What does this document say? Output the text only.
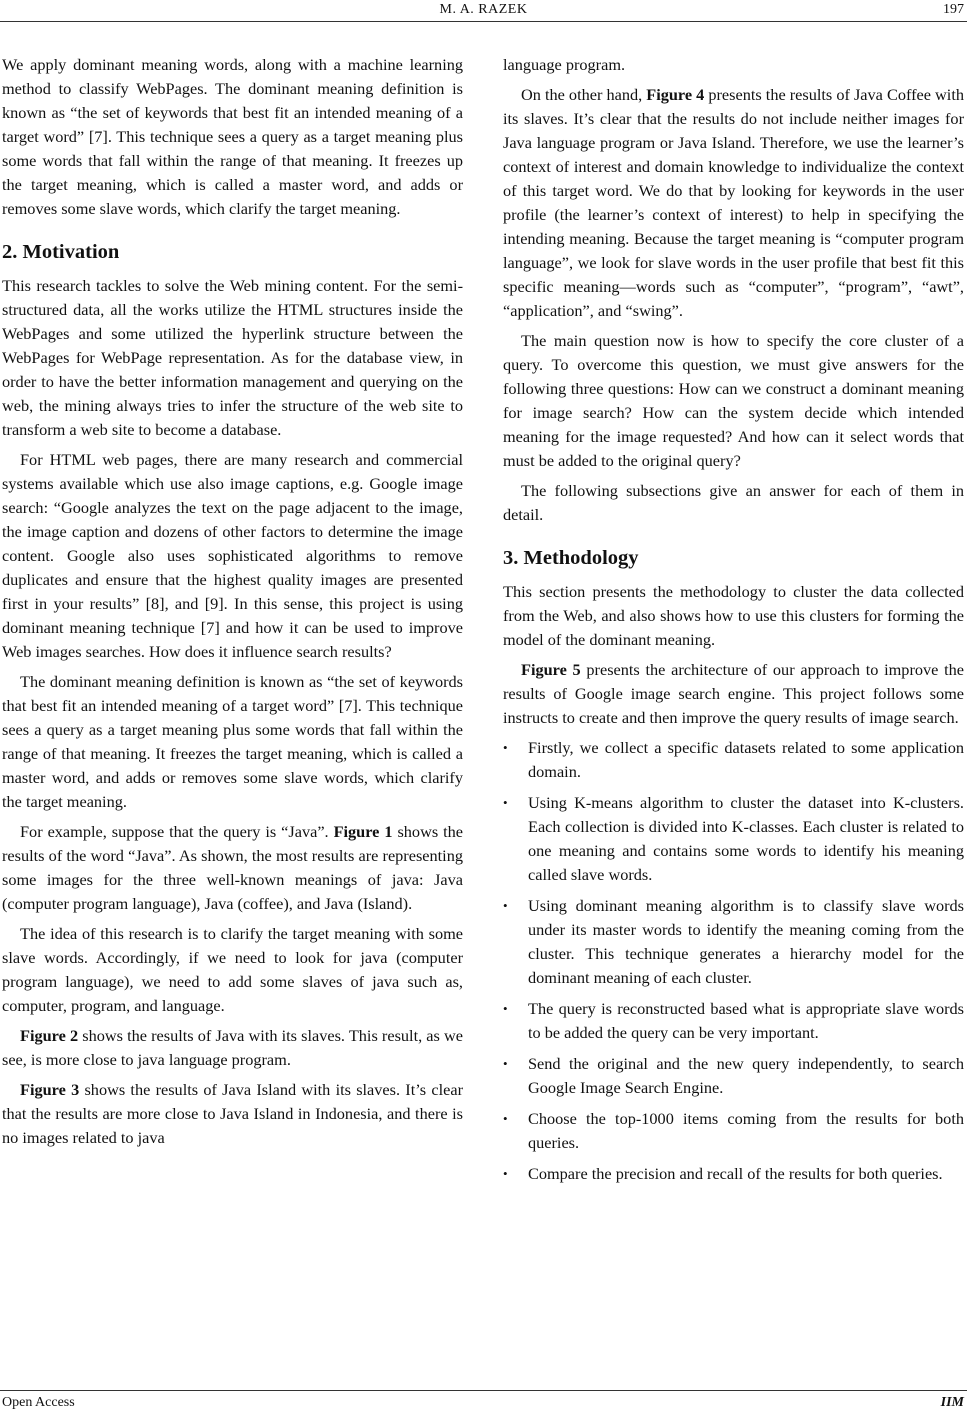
M. A. RAZEK	197

We apply dominant meaning words, along with a machine learning method to classify WebPages. The dominant meaning definition is known as “the set of keywords that best fit an intended meaning of a target word” [7]. This technique sees a query as a target meaning plus some words that fall within the range of that meaning. It freezes up the target meaning, which is called a master word, and adds or removes some slave words, which clarify the target meaning.

2. Motivation

This research tackles to solve the Web mining content. For the semi-structured data, all the works utilize the HTML structures inside the WebPages and some utilized the hyperlink structure between the WebPages for WebPage representation. As for the database view, in order to have the better information management and querying on the web, the mining always tries to infer the structure of the web site to transform a web site to become a database.

For HTML web pages, there are many research and commercial systems available which use also image captions, e.g. Google image search: “Google analyzes the text on the page adjacent to the image, the image caption and dozens of other factors to determine the image content. Google also uses sophisticated algorithms to remove duplicates and ensure that the highest quality images are presented first in your results” [8], and [9]. In this sense, this project is using dominant meaning technique [7] and how it can be used to improve Web images searches. How does it influence search results?

The dominant meaning definition is known as “the set of keywords that best fit an intended meaning of a target word” [7]. This technique sees a query as a target meaning plus some words that fall within the range of that meaning. It freezes the target meaning, which is called a master word, and adds or removes some slave words, which clarify the target meaning.

For example, suppose that the query is “Java”. Figure 1 shows the results of the word “Java”. As shown, the most results are representing some images for the three well-known meanings of java: Java (computer program language), Java (coffee), and Java (Island).

The idea of this research is to clarify the target meaning with some slave words. Accordingly, if we need to look for java (computer program language), we need to add some slaves of java such as, computer, program, and language.

Figure 2 shows the results of Java with its slaves. This result, as we see, is more close to java language program.

Figure 3 shows the results of Java Island with its slaves. It’s clear that the results are more close to Java Island in Indonesia, and there is no images related to java

language program.

On the other hand, Figure 4 presents the results of Java Coffee with its slaves. It’s clear that the results do not include neither images for Java language program or Java Island. Therefore, we use the learner’s context of interest and domain knowledge to individualize the context of this target word. We do that by looking for keywords in the user profile (the learner’s context of interest) to help in specifying the intending meaning. Because the target meaning is “computer program language”, we look for slave words in the user profile that best fit this specific meaning—words such as “computer”, “program”, “awt”, “application”, and “swing”.

The main question now is how to specify the core cluster of a query. To overcome this question, we must give answers for the following three questions: How can we construct a dominant meaning for image search? How can the system decide which intended meaning for the image requested? And how can it select words that must be added to the original query?

The following subsections give an answer for each of them in detail.

3. Methodology

This section presents the methodology to cluster the data collected from the Web, and also shows how to use this clusters for forming the model of the dominant meaning.

Figure 5 presents the architecture of our approach to improve the results of Google image search engine. This project follows some instructs to create and then improve the query results of image search.

•	Firstly, we collect a specific datasets related to some application domain.
•	Using K-means algorithm to cluster the dataset into K-clusters. Each collection is divided into K-classes. Each cluster is related to one meaning and contains some words to identify his meaning called slave words.
•	Using dominant meaning algorithm is to classify slave words under its master words to identify the meaning coming from the cluster. This technique generates a hierarchy model for the dominant meaning of each cluster.
•	The query is reconstructed based what is appropriate slave words to be added the query can be very important.
•	Send the original and the new query independently, to search Google Image Search Engine.
•	Choose the top-1000 items coming from the results for both queries.
•	Compare the precision and recall of the results for both queries.
Open Access	IIM
